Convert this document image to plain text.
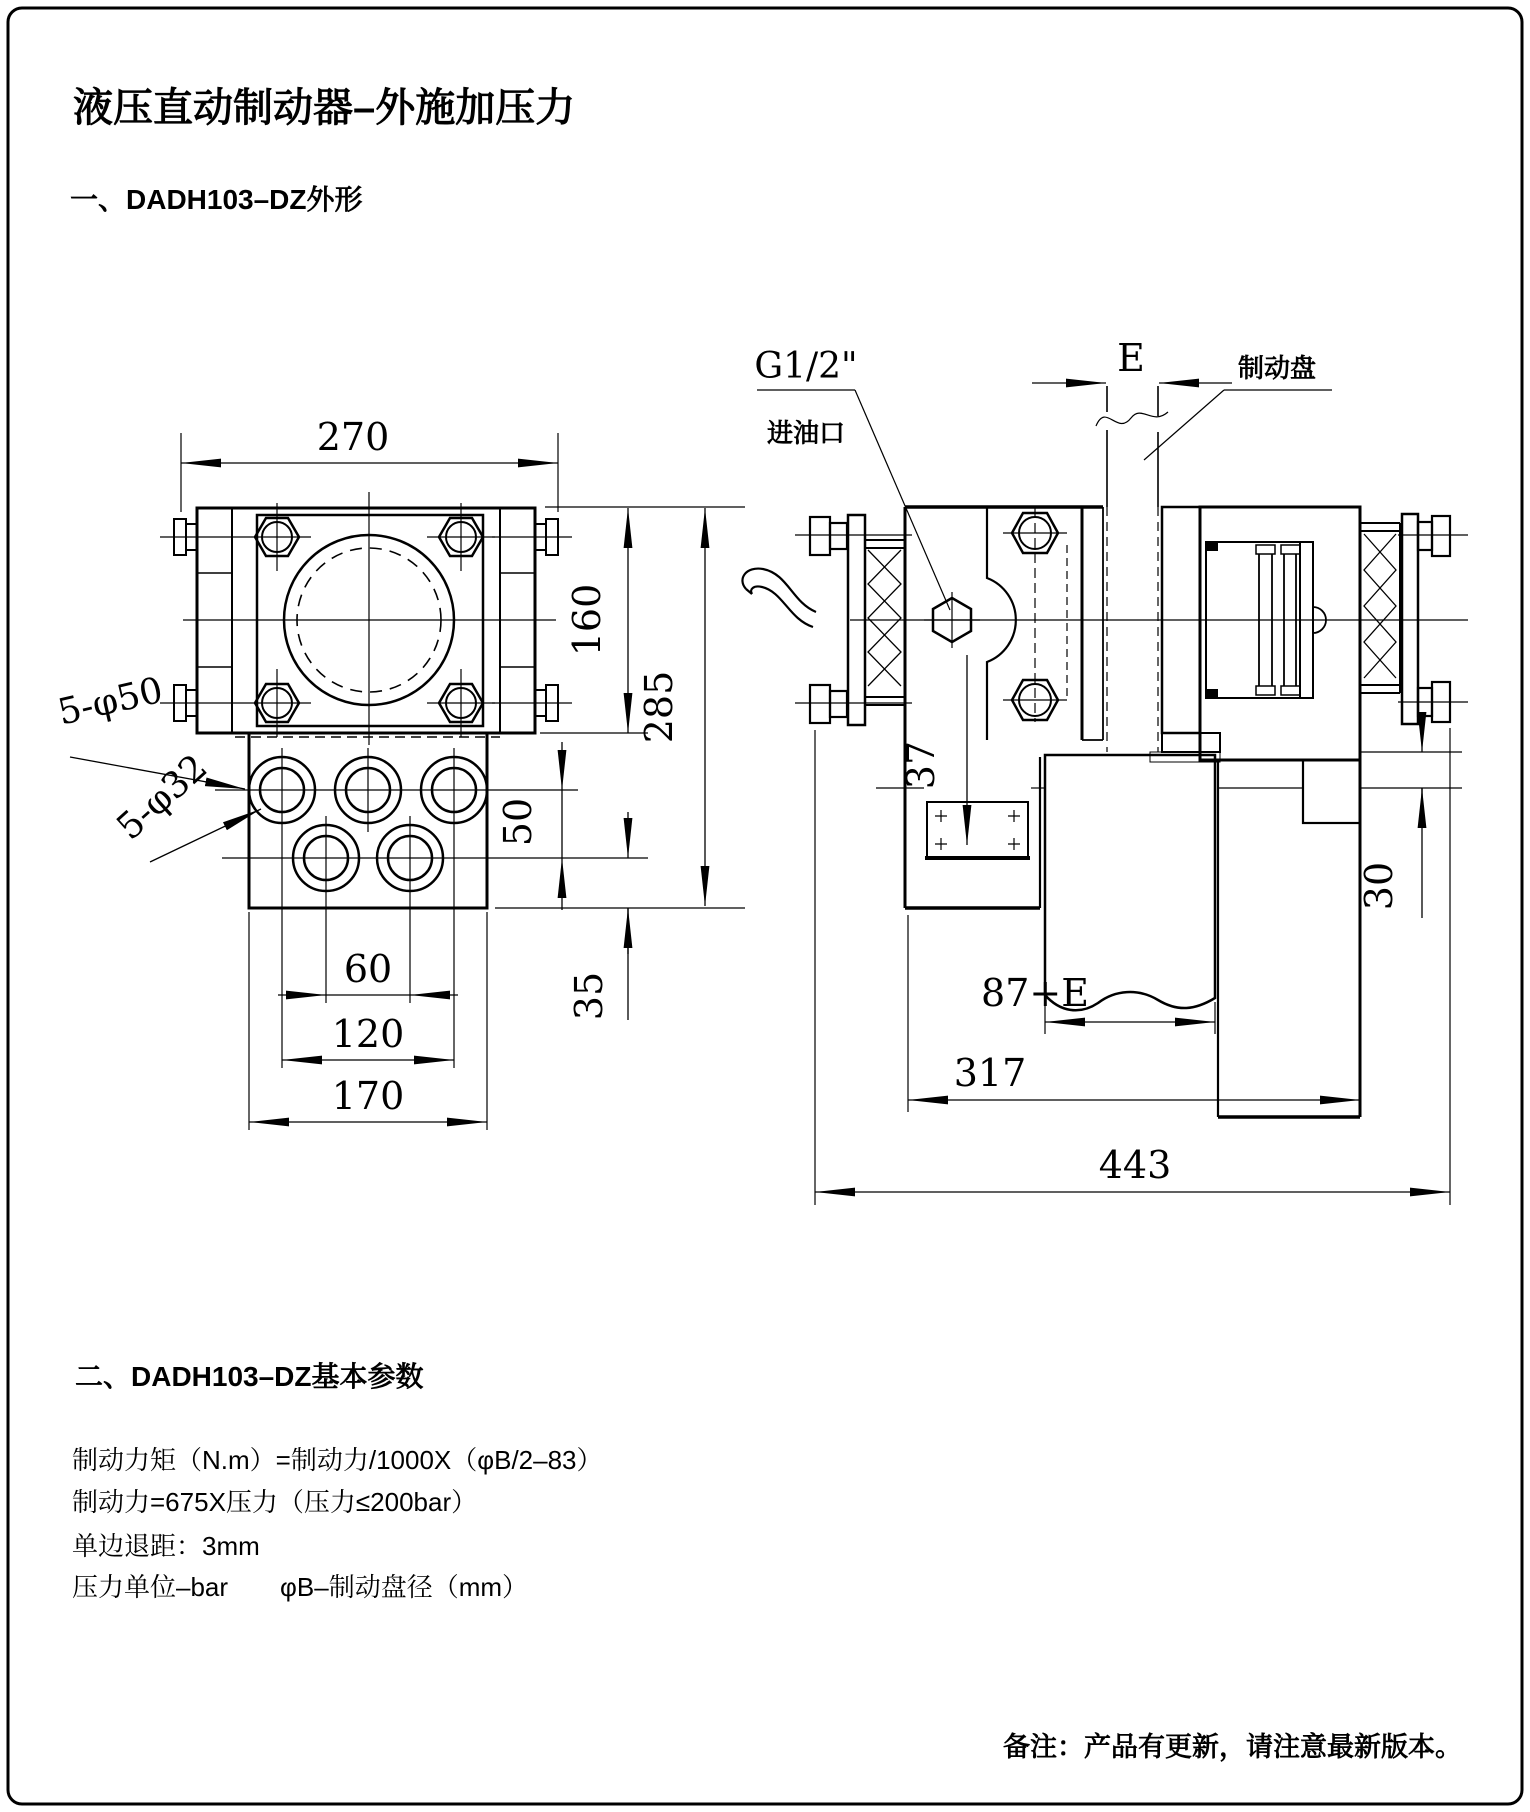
液压直动制动器–外施加压力
一、DADH103–DZ外形
270
160
285
50
35
60
120
170
5-φ50
5-φ32	37
E	制动盘
G1/2"
进油口
30
87+E
317
443
二、DADH103–DZ基本参数
制动力矩（N.m）=制动力/1000X（φB/2–83）
制动力=675X压力（压力≤200bar）
单边退距：3mm
压力单位–bar　　φB–制动盘径（mm）
备注：产品有更新，请注意最新版本。
